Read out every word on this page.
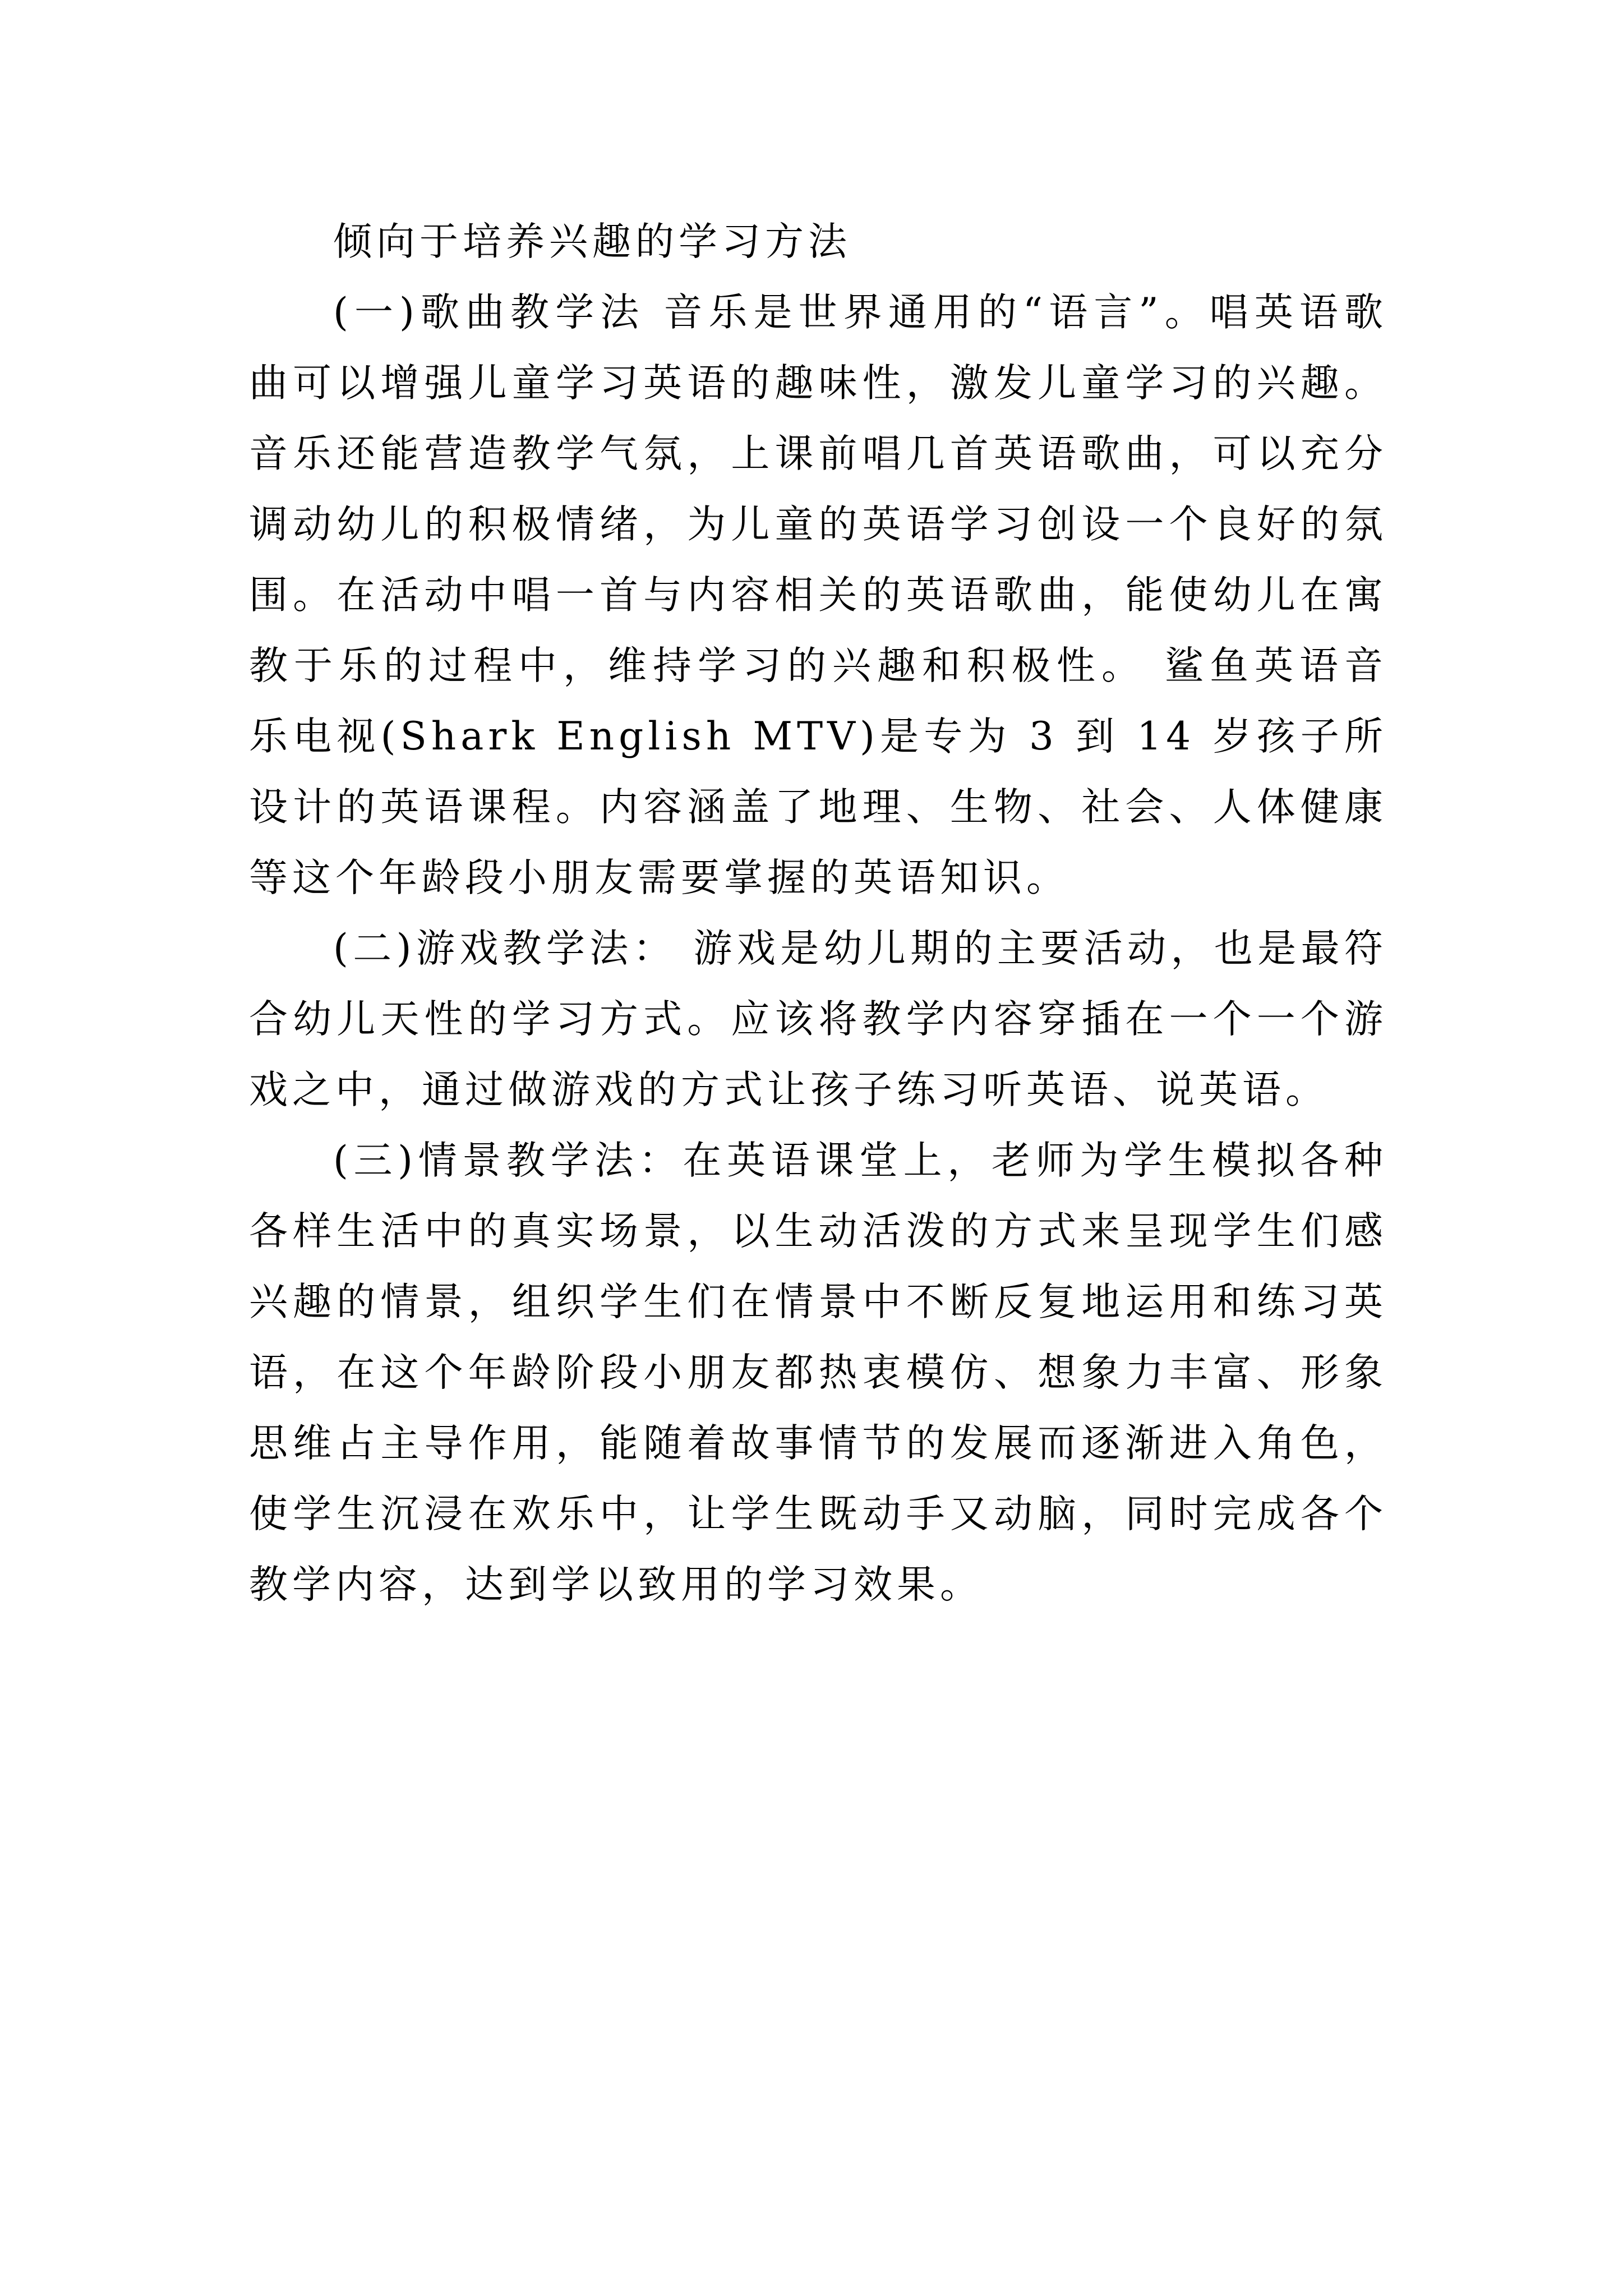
倾向于培养兴趣的学习方法

(一)歌曲教学法 音乐是世界通用的“语言”。唱英语歌曲可以增强儿童学习英语的趣味性，激发儿童学习的兴趣。音乐还能营造教学气氛，上课前唱几首英语歌曲，可以充分调动幼儿的积极情绪，为儿童的英语学习创设一个良好的氛围。在活动中唱一首与内容相关的英语歌曲，能使幼儿在寓教于乐的过程中，维持学习的兴趣和积极性。 鲨鱼英语音乐电视(Shark English MTV)是专为 3 到 14 岁孩子所设计的英语课程。内容涵盖了地理、生物、社会、人体健康等这个年龄段小朋友需要掌握的英语知识。

(二)游戏教学法： 游戏是幼儿期的主要活动，也是最符合幼儿天性的学习方式。应该将教学内容穿插在一个一个游戏之中，通过做游戏的方式让孩子练习听英语、说英语。

(三)情景教学法：在英语课堂上，老师为学生模拟各种各样生活中的真实场景，以生动活泼的方式来呈现学生们感兴趣的情景，组织学生们在情景中不断反复地运用和练习英语，在这个年龄阶段小朋友都热衷模仿、想象力丰富、形象思维占主导作用，能随着故事情节的发展而逐渐进入角色，使学生沉浸在欢乐中，让学生既动手又动脑，同时完成各个教学内容，达到学以致用的学习效果。
